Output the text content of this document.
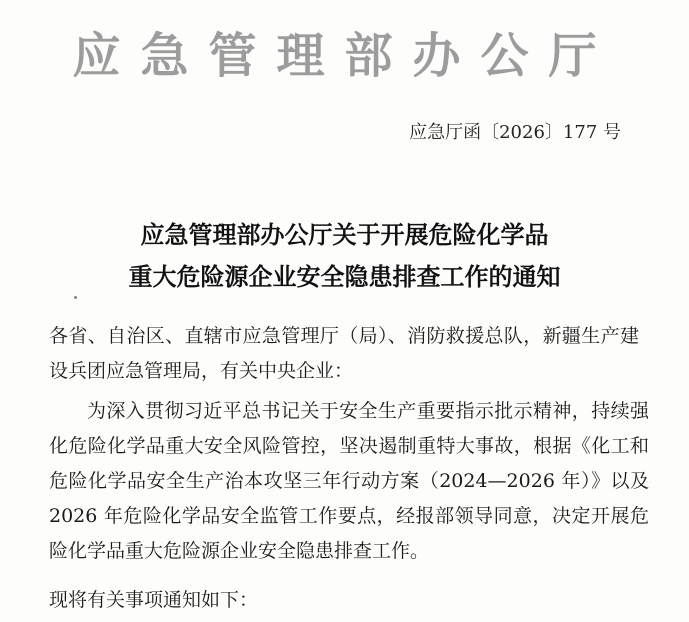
应急管理部办公厅
应急厅函〔2026〕177 号
应急管理部办公厅关于开展危险化学品
重大危险源企业安全隐患排查工作的通知
各省、自治区、直辖市应急管理厅（局）、消防救援总队，新疆生产建设兵团应急管理局，有关中央企业：
为深入贯彻习近平总书记关于安全生产重要指示批示精神，持续强化危险化学品重大安全风险管控，坚决遏制重特大事故，根据《化工和危险化学品安全生产治本攻坚三年行动方案（2024—2026 年）》以及 2026 年危险化学品安全监管工作要点，经报部领导同意，决定开展危险化学品重大危险源企业安全隐患排查工作。
现将有关事项通知如下：
